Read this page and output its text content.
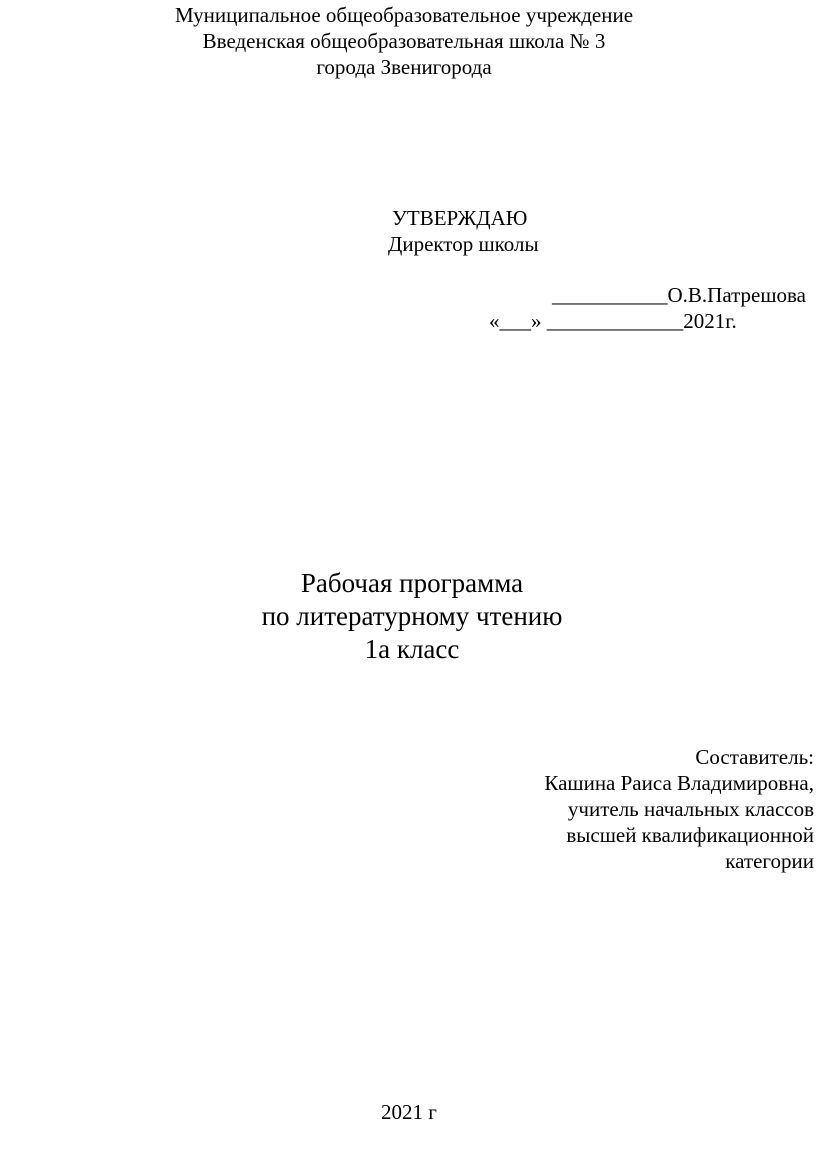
Муниципальное общеобразовательное учреждение
Введенская общеобразовательная школа № 3
города Звенигорода
УТВЕРЖДАЮ
Директор школы
___________О.В.Патрешова
«___» _____________2021г.
Рабочая программа
по литературному чтению
1а класс
Составитель:
Кашина Раиса Владимировна,
учитель начальных классов
высшей квалификационной
категории
2021 г
